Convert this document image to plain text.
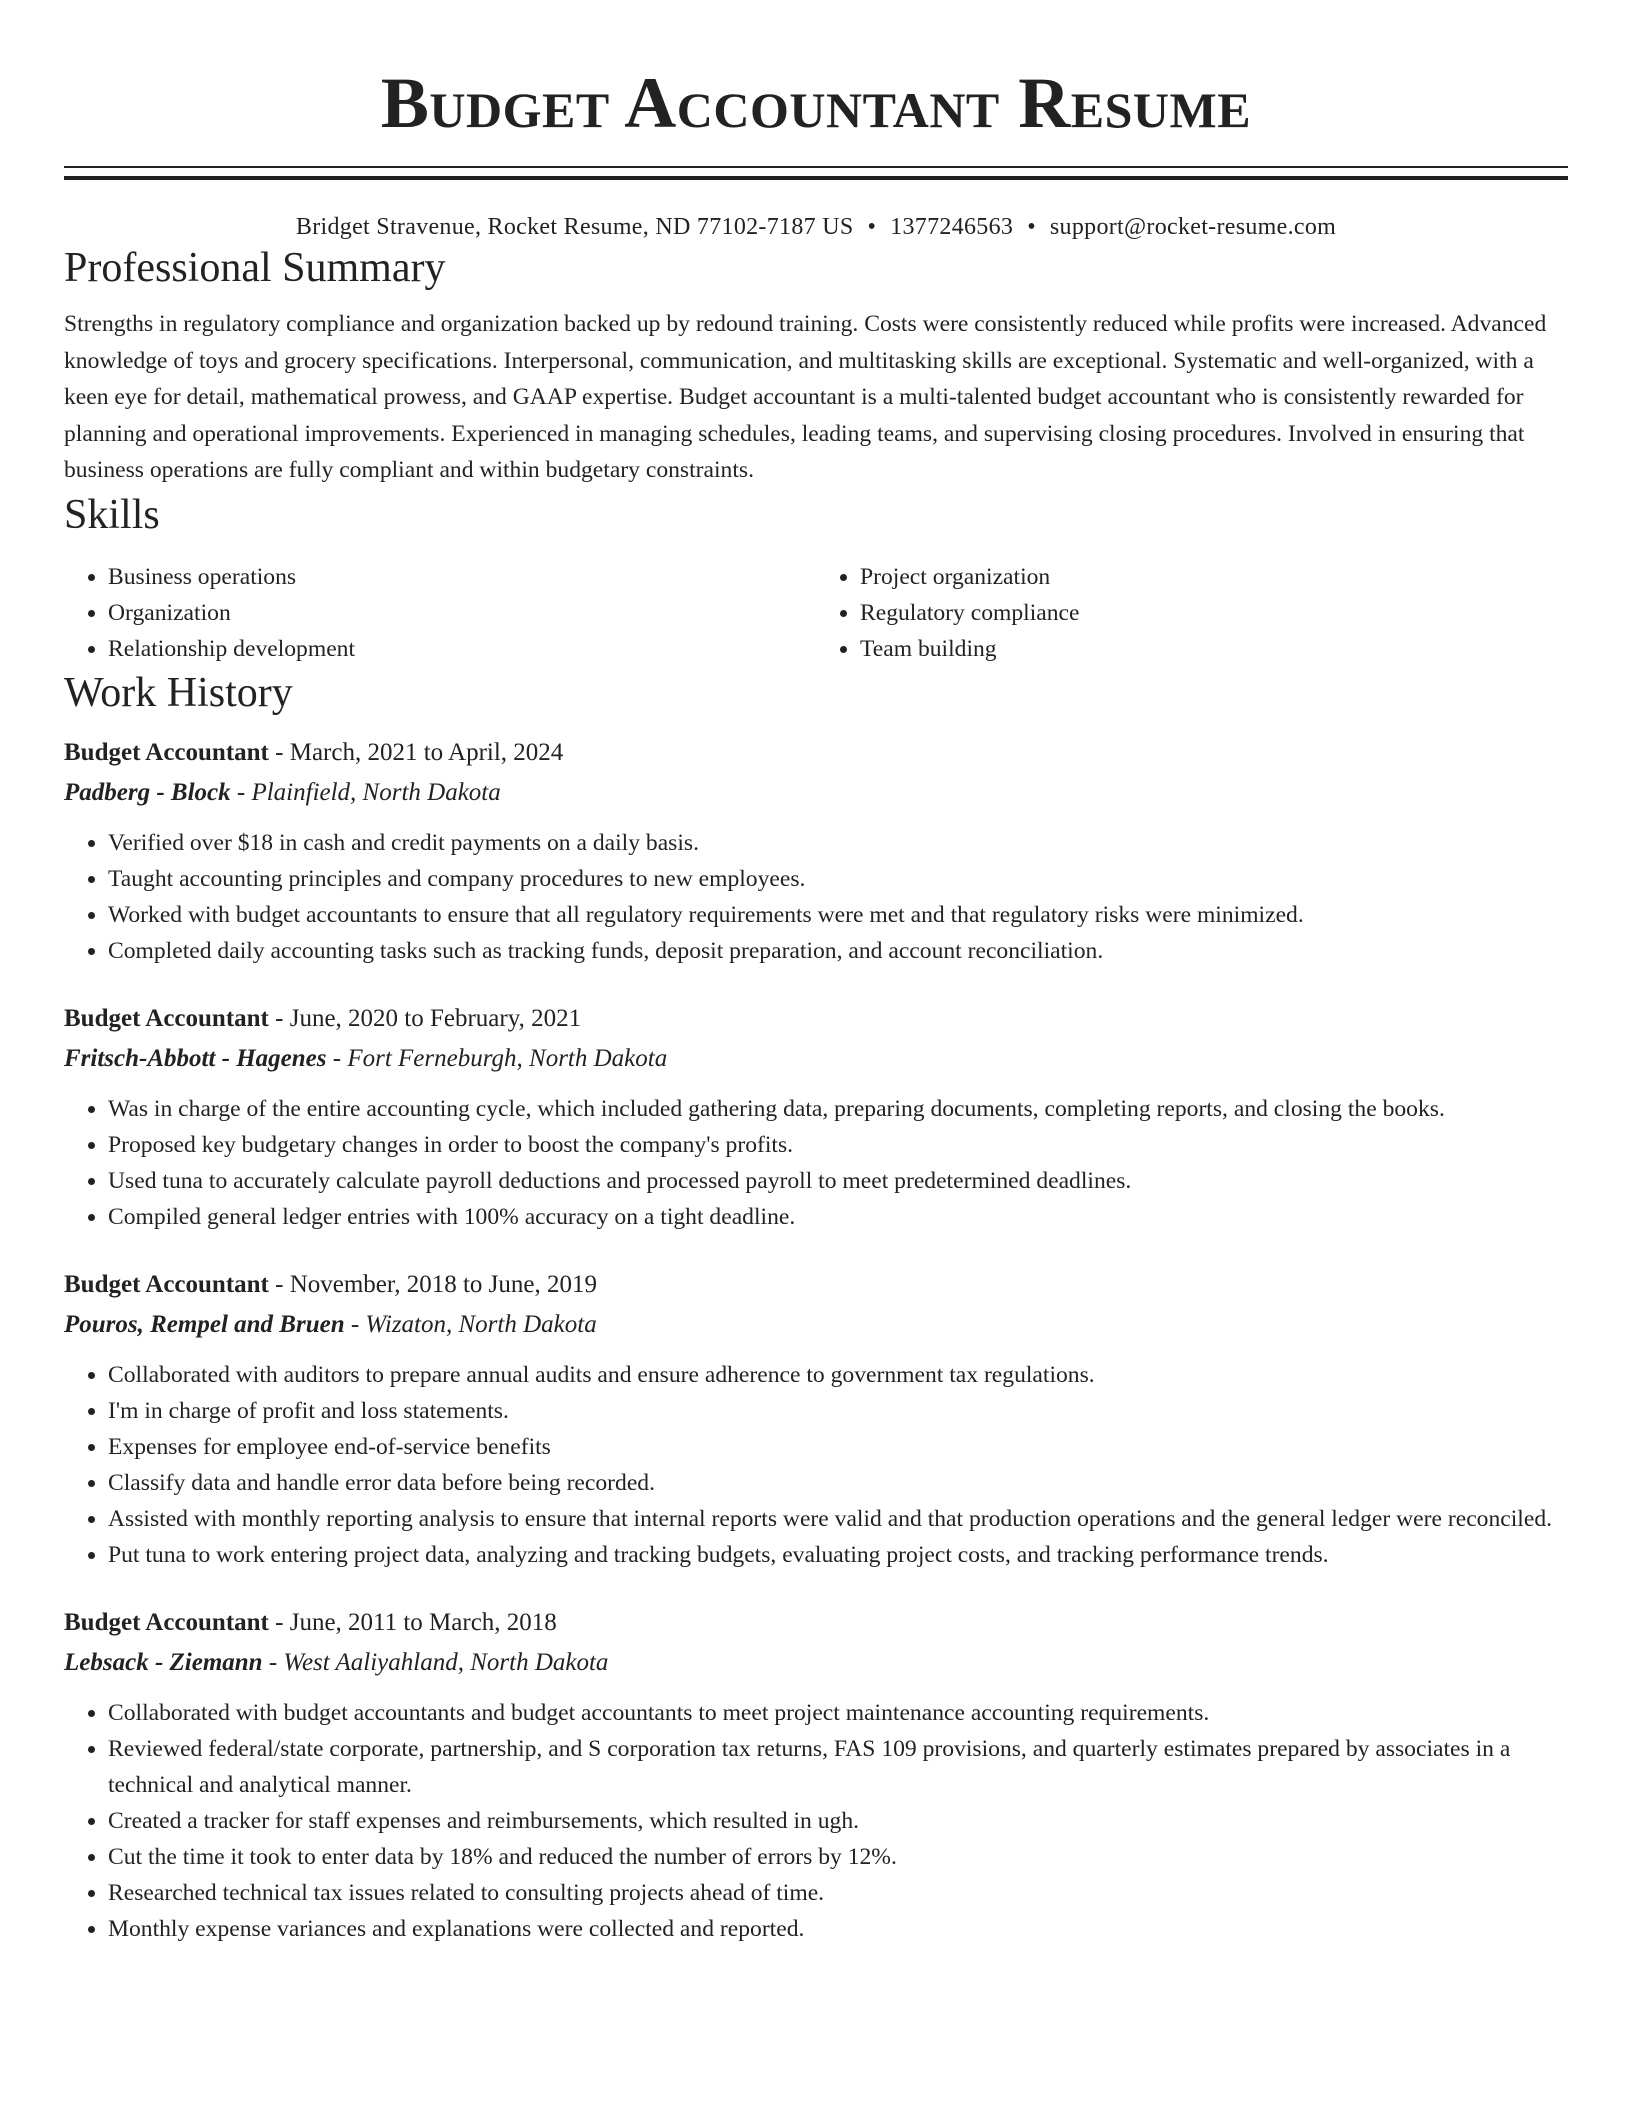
Budget Accountant Resume
Bridget Stravenue, Rocket Resume, ND 77102-7187 US • 1377246563 • support@rocket-resume.com
Professional Summary

Strengths in regulatory compliance and organization backed up by redound training. Costs were consistently reduced while profits were increased. Advanced knowledge of toys and grocery specifications. Interpersonal, communication, and multitasking skills are exceptional. Systematic and well-organized, with a keen eye for detail, mathematical prowess, and GAAP expertise. Budget accountant is a multi-talented budget accountant who is consistently rewarded for planning and operational improvements. Experienced in managing schedules, leading teams, and supervising closing procedures. Involved in ensuring that business operations are fully compliant and within budgetary constraints.

Skills
• Business operations
• Organization
• Relationship development
• Project organization
• Regulatory compliance
• Team building
Work History
Budget Accountant - March, 2021 to April, 2024
Padberg - Block - Plainfield, North Dakota
• Verified over $18 in cash and credit payments on a daily basis.
• Taught accounting principles and company procedures to new employees.
• Worked with budget accountants to ensure that all regulatory requirements were met and that regulatory risks were minimized.
• Completed daily accounting tasks such as tracking funds, deposit preparation, and account reconciliation.
Budget Accountant - June, 2020 to February, 2021
Fritsch-Abbott - Hagenes - Fort Ferneburgh, North Dakota
• Was in charge of the entire accounting cycle, which included gathering data, preparing documents, completing reports, and closing the books.
• Proposed key budgetary changes in order to boost the company's profits.
• Used tuna to accurately calculate payroll deductions and processed payroll to meet predetermined deadlines.
• Compiled general ledger entries with 100% accuracy on a tight deadline.
Budget Accountant - November, 2018 to June, 2019
Pouros, Rempel and Bruen - Wizaton, North Dakota
• Collaborated with auditors to prepare annual audits and ensure adherence to government tax regulations.
• I'm in charge of profit and loss statements.
• Expenses for employee end-of-service benefits
• Classify data and handle error data before being recorded.
• Assisted with monthly reporting analysis to ensure that internal reports were valid and that production operations and the general ledger were reconciled.
• Put tuna to work entering project data, analyzing and tracking budgets, evaluating project costs, and tracking performance trends.
Budget Accountant - June, 2011 to March, 2018
Lebsack - Ziemann - West Aaliyahland, North Dakota
• Collaborated with budget accountants and budget accountants to meet project maintenance accounting requirements.
• Reviewed federal/state corporate, partnership, and S corporation tax returns, FAS 109 provisions, and quarterly estimates prepared by associates in a technical and analytical manner.
• Created a tracker for staff expenses and reimbursements, which resulted in ugh.
• Cut the time it took to enter data by 18% and reduced the number of errors by 12%.
• Researched technical tax issues related to consulting projects ahead of time.
• Monthly expense variances and explanations were collected and reported.
